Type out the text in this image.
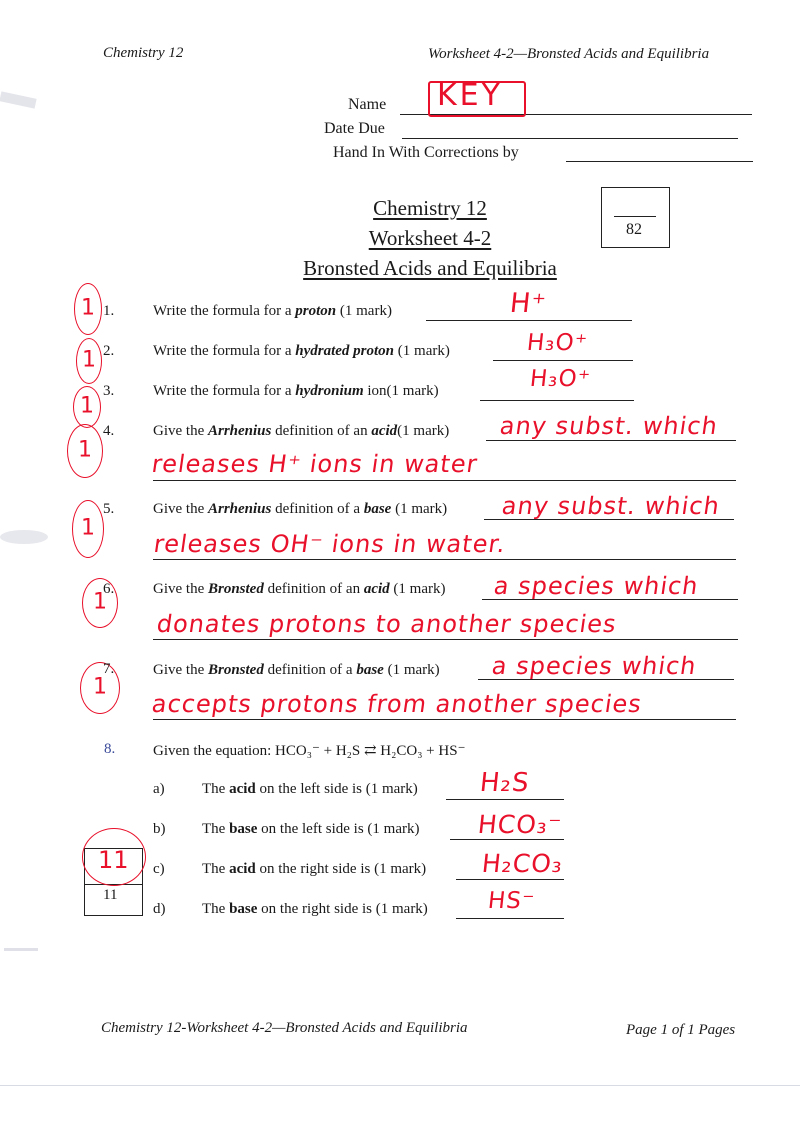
Chemistry 12	Worksheet 4-2—Bronsted Acids and Equilibria
Name KEY
Date Due
Hand In With Corrections by
82
Chemistry 12
Worksheet 4-2
Bronsted Acids and Equilibria
1 1.	Write the formula for a proton (1 mark)	H⁺
1 2.	Write the formula for a hydrated proton (1 mark)	H₃O⁺
1
3.	Write the formula for a hydronium ion(1 mark)	H₃O⁺
1
4.	Give the Arrhenius definition of an acid(1 mark) any subst. which
releases H⁺ ions in water
1
5.	Give the Arrhenius definition of a base (1 mark) any subst. which
releases OH⁻ ions in water.
1
6.	Give the Bronsted definition of an acid (1 mark) a species which
donates protons to another species
1
7.	Give the Bronsted definition of a base (1 mark) a species which
accepts protons from another species
8.	Given the equation: HCO₃⁻ + H₂S ⇄ H₂CO₃ + HS⁻
a) The acid on the left side is (1 mark) H₂S
b) The base on the left side is (1 mark) HCO₃⁻
c) The acid on the right side is (1 mark) H₂CO₃
d) The base on the right side is (1 mark)	HS⁻
11
11
Chemistry 12-Worksheet 4-2—Bronsted Acids and Equilibria	Page 1 of 1 Pages
